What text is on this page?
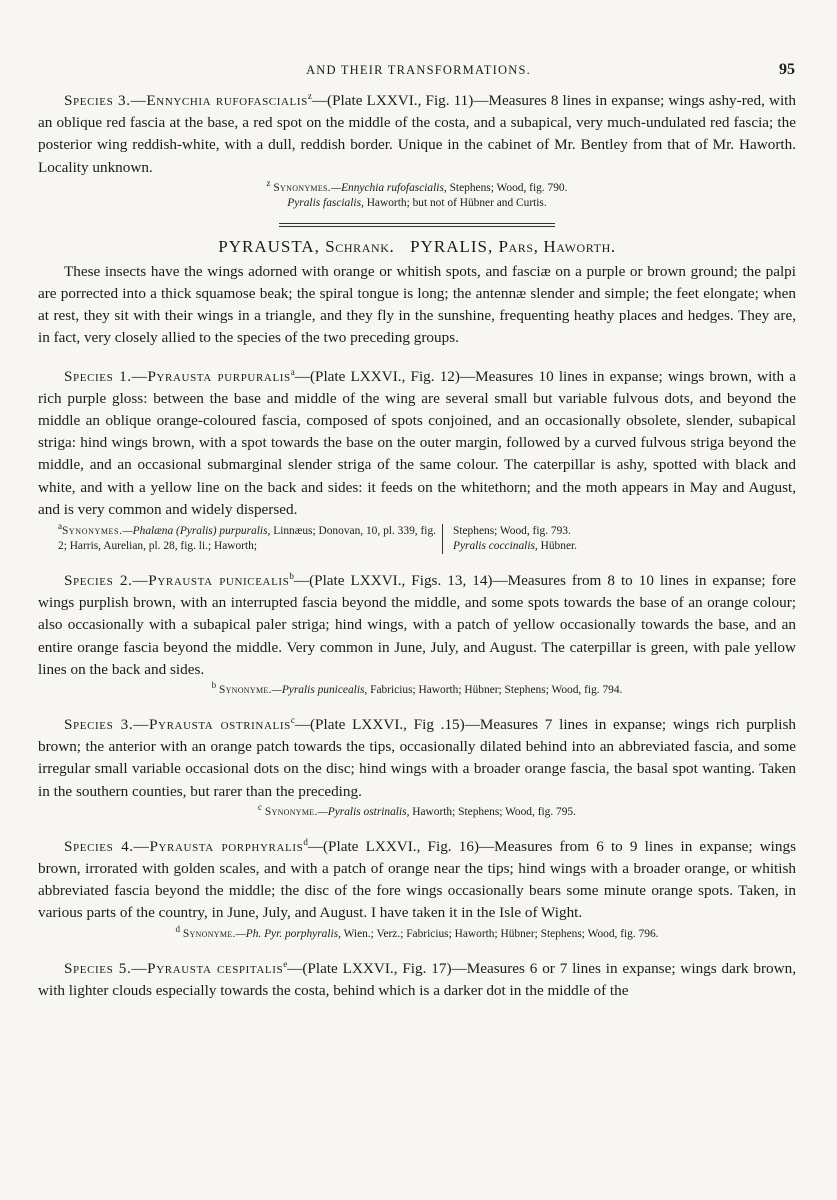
AND THEIR TRANSFORMATIONS.	95

Species 3.—Ennychia rufofascialis$^z$—(Plate LXXVI., Fig. 11)—Measures 8 lines in expanse; wings ashy-red, with an oblique red fascia at the base, a red spot on the middle of the costa, and a subapical, very much-undulated red fascia; the posterior wing reddish-white, with a dull, reddish border. Unique in the cabinet of Mr. Bentley from that of Mr. Haworth. Locality unknown.

$^z$ Synonymes.—Ennychia rufofascialis, Stephens; Wood, fig. 790.
Pyralis fascialis, Haworth; but not of Hübner and Curtis.
PYRAUSTA, Schrank. PYRALIS, Pars, Haworth.

These insects have the wings adorned with orange or whitish spots, and fasciæ on a purple or brown ground; the palpi are porrected into a thick squamose beak; the spiral tongue is long; the antennæ slender and simple; the feet elongate; when at rest, they sit with their wings in a triangle, and they fly in the sunshine, frequenting heathy places and hedges. They are, in fact, very closely allied to the species of the two preceding groups.

Species 1.—Pyrausta purpuralis$^a$—(Plate LXXVI., Fig. 12)—Measures 10 lines in expanse; wings brown, with a rich purple gloss: between the base and middle of the wing are several small but variable fulvous dots, and beyond the middle an oblique orange-coloured fascia, composed of spots conjoined, and an occasionally obsolete, slender, subapical striga: hind wings brown, with a spot towards the base on the outer margin, followed by a curved fulvous striga beyond the middle, and an occasional submarginal slender striga of the same colour. The caterpillar is ashy, spotted with black and white, and with a yellow line on the back and sides: it feeds on the whitethorn; and the moth appears in May and August, and is very common and widely dispersed.

$^a$Synonymes.—Phalæna (Pyralis) purpuralis, Linnæus; Donovan, 10, pl. 339, fig. 2; Harris, Aurelian, pl. 28, fig. li.; Haworth;
Stephens; Wood, fig. 793.
Pyralis coccinalis, Hübner.

Species 2.—Pyrausta punicealis$^b$—(Plate LXXVI., Figs. 13, 14)—Measures from 8 to 10 lines in expanse; fore wings purplish brown, with an interrupted fascia beyond the middle, and some spots towards the base of an orange colour; also occasionally with a subapical paler striga; hind wings, with a patch of yellow occasionally towards the base, and an entire orange fascia beyond the middle. Very common in June, July, and August. The caterpillar is green, with pale yellow lines on the back and sides.

$^b$ Synonyme.—Pyralis punicealis, Fabricius; Haworth; Hübner; Stephens; Wood, fig. 794.

Species 3.—Pyrausta ostrinalis$^c$—(Plate LXXVI., Fig .15)—Measures 7 lines in expanse; wings rich purplish brown; the anterior with an orange patch towards the tips, occasionally dilated behind into an abbreviated fascia, and some irregular small variable occasional dots on the disc; hind wings with a broader orange fascia, the basal spot wanting. Taken in the southern counties, but rarer than the preceding.

$^c$ Synonyme.—Pyralis ostrinalis, Haworth; Stephens; Wood, fig. 795.

Species 4.—Pyrausta porphyralis$^d$—(Plate LXXVI., Fig. 16)—Measures from 6 to 9 lines in expanse; wings brown, irrorated with golden scales, and with a patch of orange near the tips; hind wings with a broader orange, or whitish abbreviated fascia beyond the middle; the disc of the fore wings occasionally bears some minute orange spots. Taken, in various parts of the country, in June, July, and August. I have taken it in the Isle of Wight.

$^d$ Synonyme.—Ph. Pyr. porphyralis, Wien.; Verz.; Fabricius; Haworth; Hübner; Stephens; Wood, fig. 796.

Species 5.—Pyrausta cespitalis$^e$—(Plate LXXVI., Fig. 17)—Measures 6 or 7 lines in expanse; wings dark brown, with lighter clouds especially towards the costa, behind which is a darker dot in the middle of the
